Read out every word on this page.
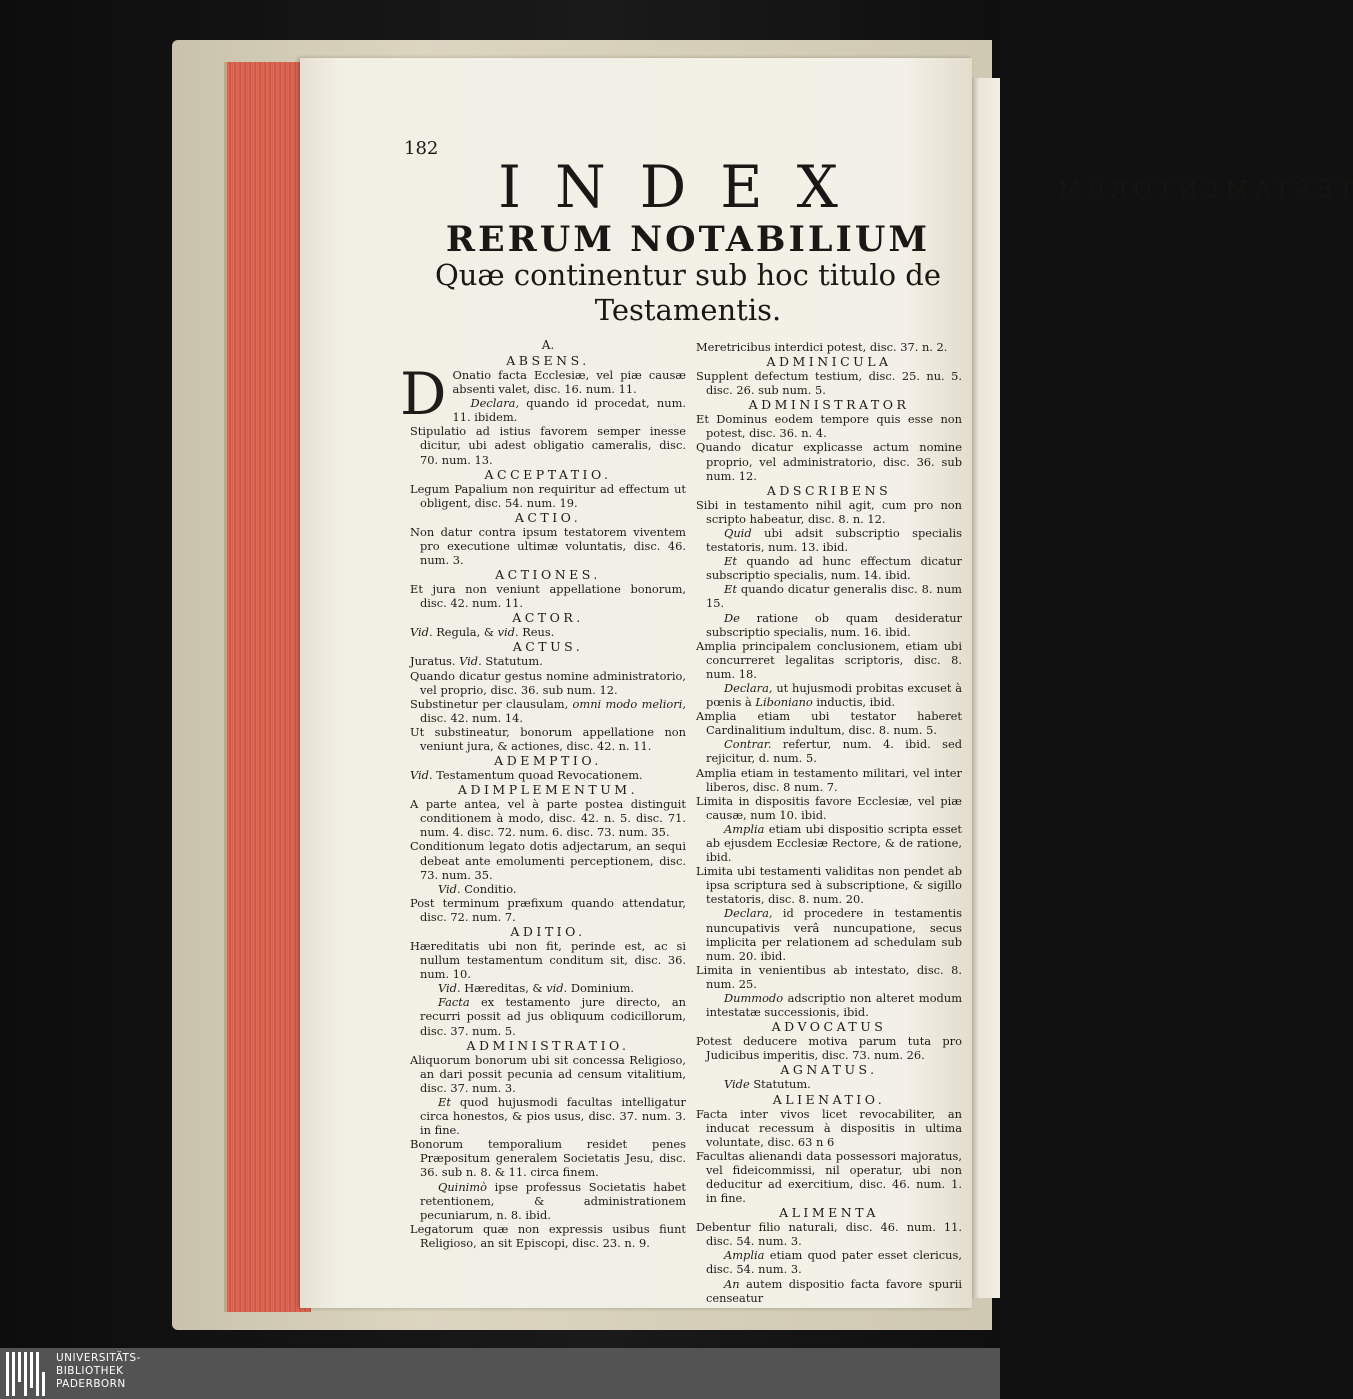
TESTAMENTORUM
182
INDEX
RERUM NOTABILIUM
Quæ continentur sub hoc titulo de
Testamentis.
A.
ABSENS.

D Onatio facta Ecclesiæ, vel piæ causæ absenti valet, disc. 16. num. 11.

Declara, quando id procedat, num. 11. ibidem.

Stipulatio ad istius favorem semper inesse dicitur, ubi adest obligatio cameralis, disc. 70. num. 13.

ACCEPTATIO.

Legum Papalium non requiritur ad effectum ut obligent, disc. 54. num. 19.

ACTIO.

Non datur contra ipsum testatorem viventem pro executione ultimæ voluntatis, disc. 46. num. 3.

ACTIONES.

Et jura non veniunt appellatione bonorum, disc. 42. num. 11.

ACTOR.

Vid. Regula, & vid. Reus.

ACTUS.

Juratus. Vid. Statutum.

Quando dicatur gestus nomine administratorio, vel proprio, disc. 36. sub num. 12.

Substinetur per clausulam, omni modo meliori, disc. 42. num. 14.

Ut substineatur, bonorum appellatione non veniunt jura, & actiones, disc. 42. n. 11.

ADEMPTIO.

Vid. Testamentum quoad Revocationem.

ADIMPLEMENTUM.

A parte antea, vel à parte postea distinguit conditionem à modo, disc. 42. n. 5. disc. 71. num. 4. disc. 72. num. 6. disc. 73. num. 35.

Conditionum legato dotis adjectarum, an sequi debeat ante emolumenti perceptionem, disc. 73. num. 35.

Vid. Conditio.

Post terminum præfixum quando attendatur, disc. 72. num. 7.

ADITIO.

Hæreditatis ubi non fit, perinde est, ac si nullum testamentum conditum sit, disc. 36. num. 10.

Vid. Hæreditas, & vid. Dominium.

Facta ex testamento jure directo, an recurri possit ad jus obliquum codicillorum, disc. 37. num. 5.

ADMINISTRATIO.

Aliquorum bonorum ubi sit concessa Religioso, an dari possit pecunia ad censum vitalitium, disc. 37. num. 3.

Et quod hujusmodi facultas intelligatur circa honestos, & pios usus, disc. 37. num. 3. in fine.

Bonorum temporalium residet penes Præpositum generalem Societatis Jesu, disc. 36. sub n. 8. & 11. circa finem.

Quinimò ipse professus Societatis habet retentionem, & administrationem pecuniarum, n. 8. ibid.

Legatorum quæ non expressis usibus fiunt Religioso, an sit Episcopi, disc. 23. n. 9.

Meretricibus interdici potest, disc. 37. n. 2.

ADMINICULA

Supplent defectum testium, disc. 25. nu. 5. disc. 26. sub num. 5.

ADMINISTRATOR

Et Dominus eodem tempore quis esse non potest, disc. 36. n. 4.

Quando dicatur explicasse actum nomine proprio, vel administratorio, disc. 36. sub num. 12.

ADSCRIBENS

Sibi in testamento nihil agit, cum pro non scripto habeatur, disc. 8. n. 12.

Quid ubi adsit subscriptio specialis testatoris, num. 13. ibid.

Et quando ad hunc effectum dicatur subscriptio specialis, num. 14. ibid.

Et quando dicatur generalis disc. 8. num 15.

De ratione ob quam desideratur subscriptio specialis, num. 16. ibid.

Amplia principalem conclusionem, etiam ubi concurreret legalitas scriptoris, disc. 8. num. 18.

Declara, ut hujusmodi probitas excuset à pœnis à Liboniano inductis, ibid.

Amplia etiam ubi testator haberet Cardinalitium indultum, disc. 8. num. 5.

Contrar. refertur, num. 4. ibid. sed rejicitur, d. num. 5.

Amplia etiam in testamento militari, vel inter liberos, disc. 8 num. 7.

Limita in dispositis favore Ecclesiæ, vel piæ causæ, num 10. ibid.

Amplia etiam ubi dispositio scripta esset ab ejusdem Ecclesiæ Rectore, & de ratione, ibid.

Limita ubi testamenti validitas non pendet ab ipsa scriptura sed à subscriptione, & sigillo testatoris, disc. 8. num. 20.

Declara, id procedere in testamentis nuncupativis verâ nuncupatione, secus implicita per relationem ad schedulam sub num. 20. ibid.

Limita in venientibus ab intestato, disc. 8. num. 25.

Dummodo adscriptio non alteret modum intestatæ successionis, ibid.

ADVOCATUS

Potest deducere motiva parum tuta pro Judicibus imperitis, disc. 73. num. 26.

AGNATUS.

Vide Statutum.

ALIENATIO.

Facta inter vivos licet revocabiliter, an inducat recessum à dispositis in ultima voluntate, disc. 63 n 6

Facultas alienandi data possessori majoratus, vel fideicommissi, nil operatur, ubi non deducitur ad exercitium, disc. 46. num. 1. in fine.

ALIMENTA

Debentur filio naturali, disc. 46. num. 11. disc. 54. num. 3.

Amplia etiam quod pater esset clericus, disc. 54. num. 3.

An autem dispositio facta favore spurii censeatur

UNIVERSITÄTS-
BIBLIOTHEK
PADERBORN
